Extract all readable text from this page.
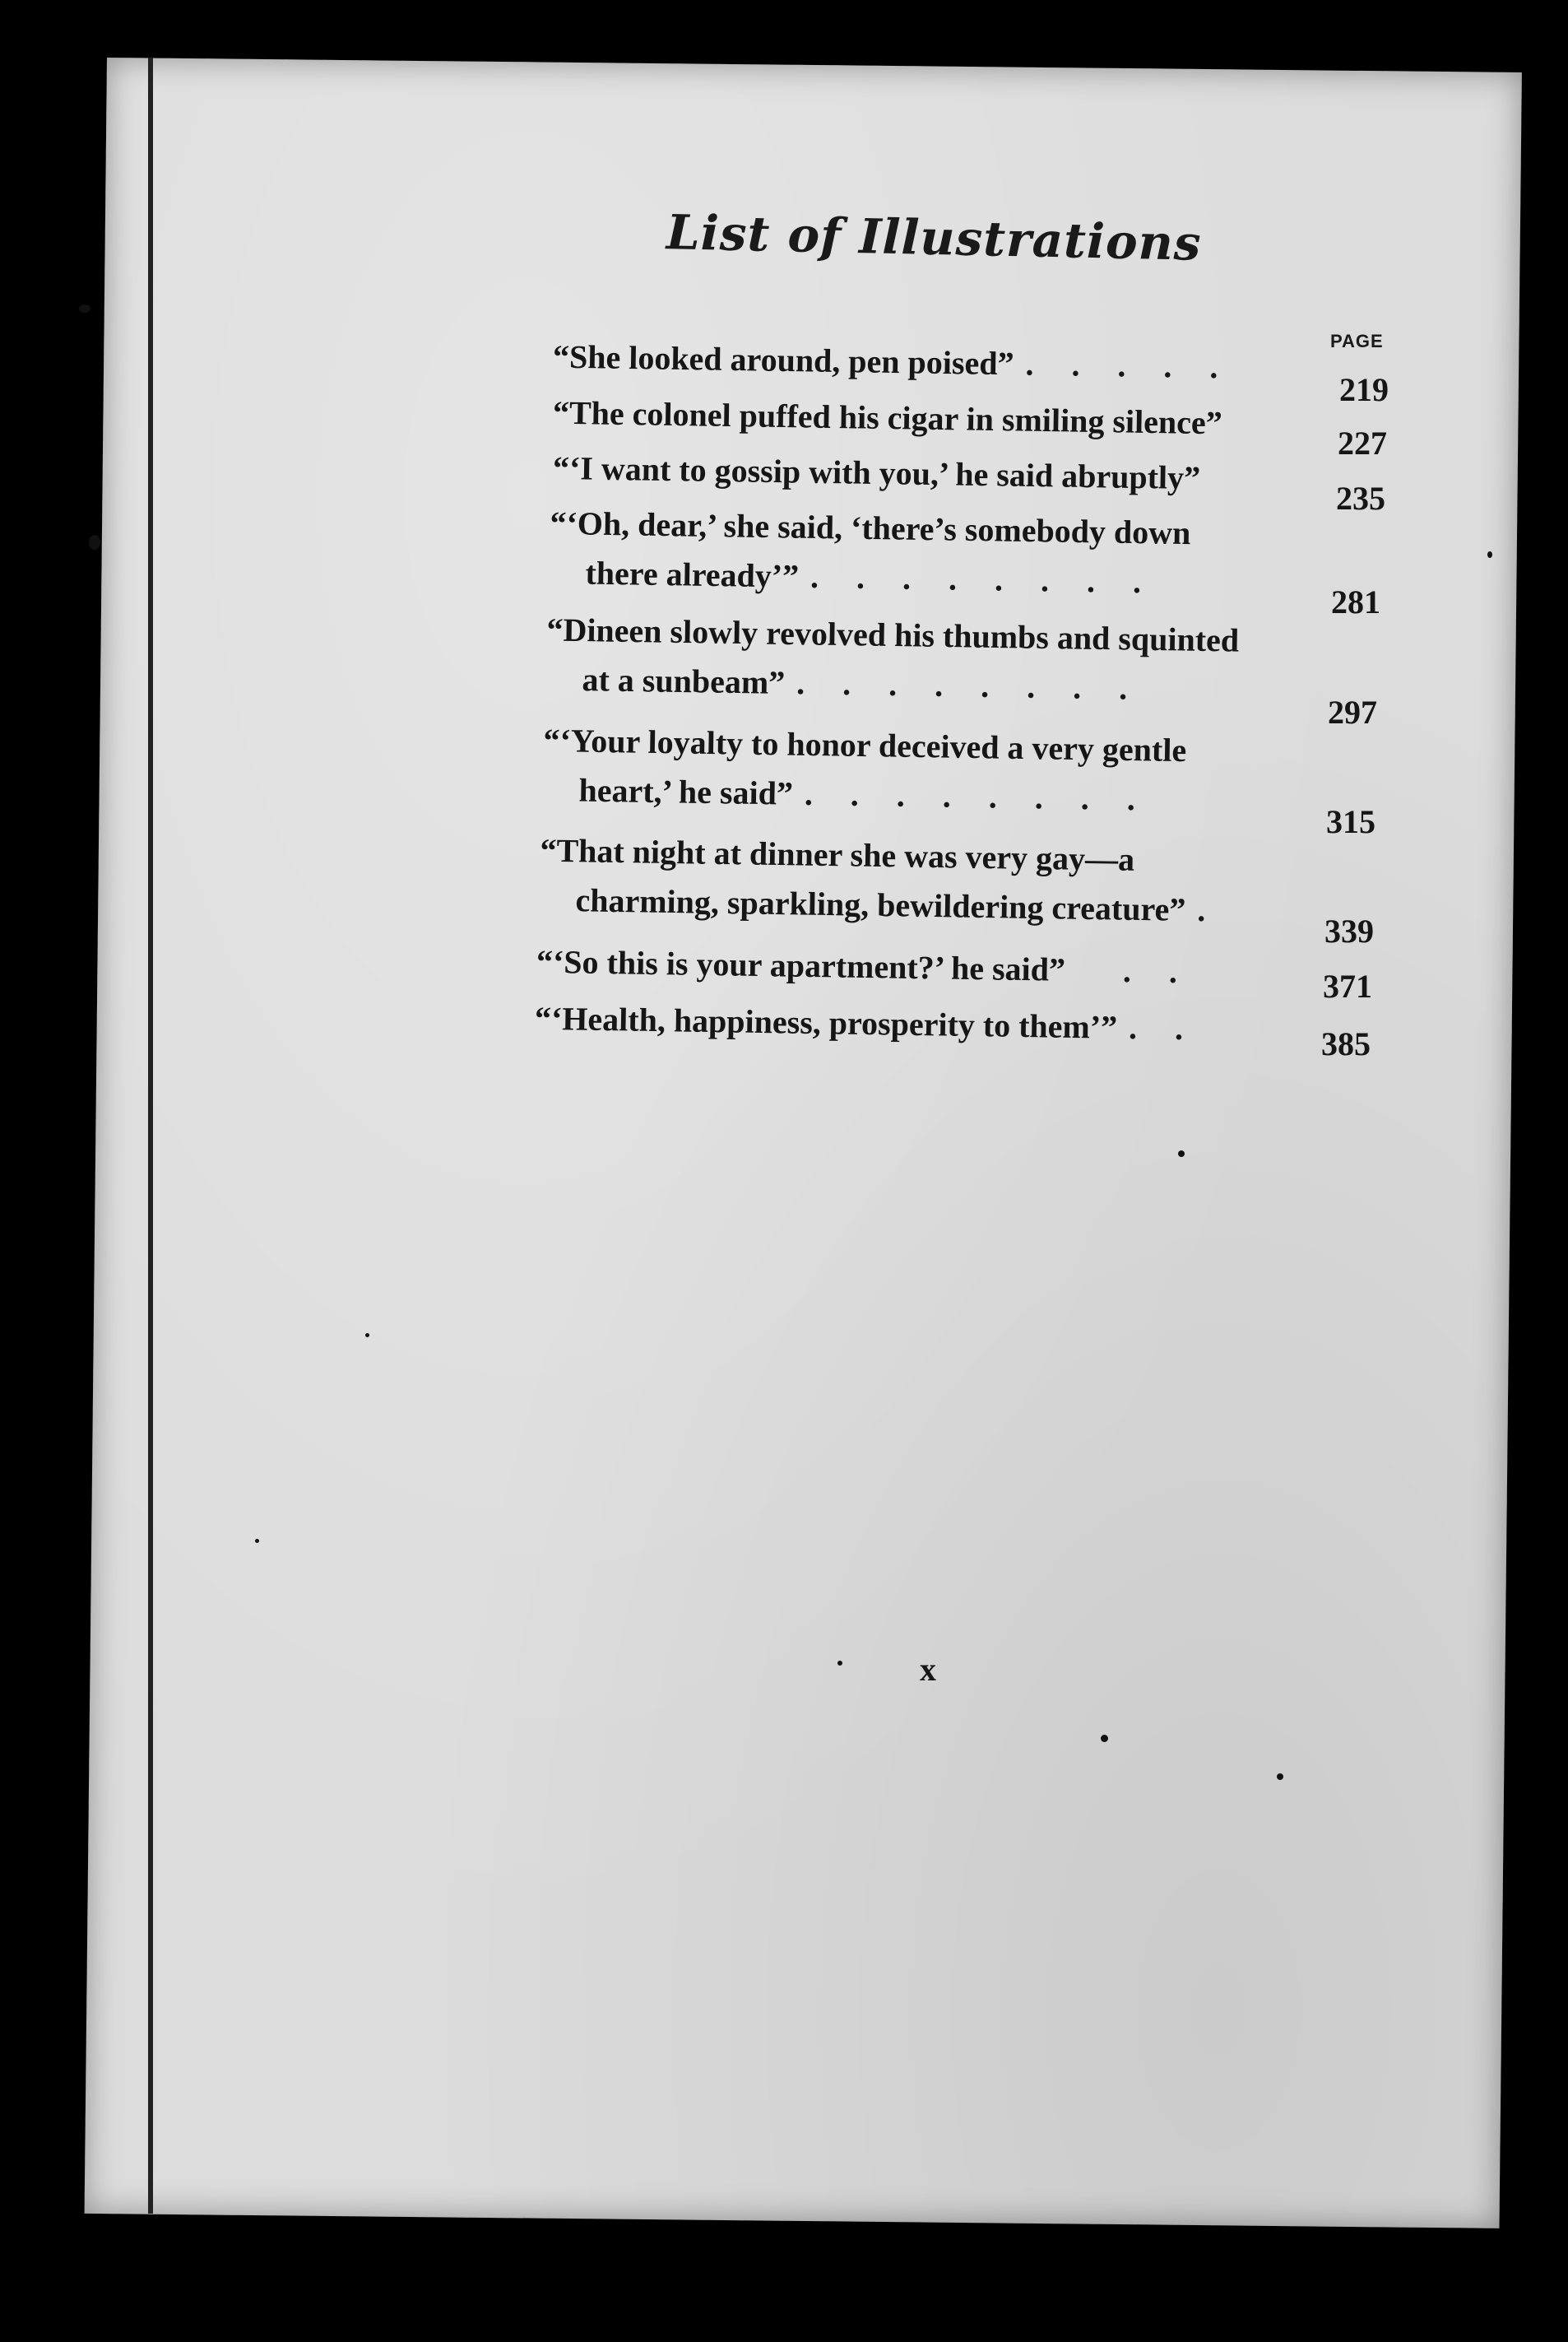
List of Illustrations
PAGE
“She looked around, pen poised” . . . . .
219
“The colonel puffed his cigar in smiling silence”
227
“‘I want to gossip with you,’ he said abruptly”
235
“‘Oh, dear,’ she said, ‘there’s somebody down
there already’” . . . . . . . .
281
“Dineen slowly revolved his thumbs and squinted
at a sunbeam” . . . . . . . .
297
“‘Your loyalty to honor deceived a very gentle
heart,’ he said” . . . . . . . .
315
“That night at dinner she was very gay—a
charming, sparkling, bewildering creature” .
339
“‘So this is your apartment?’ he said” . .	371
“‘Health, happiness, prosperity to them’” . .	385
x
